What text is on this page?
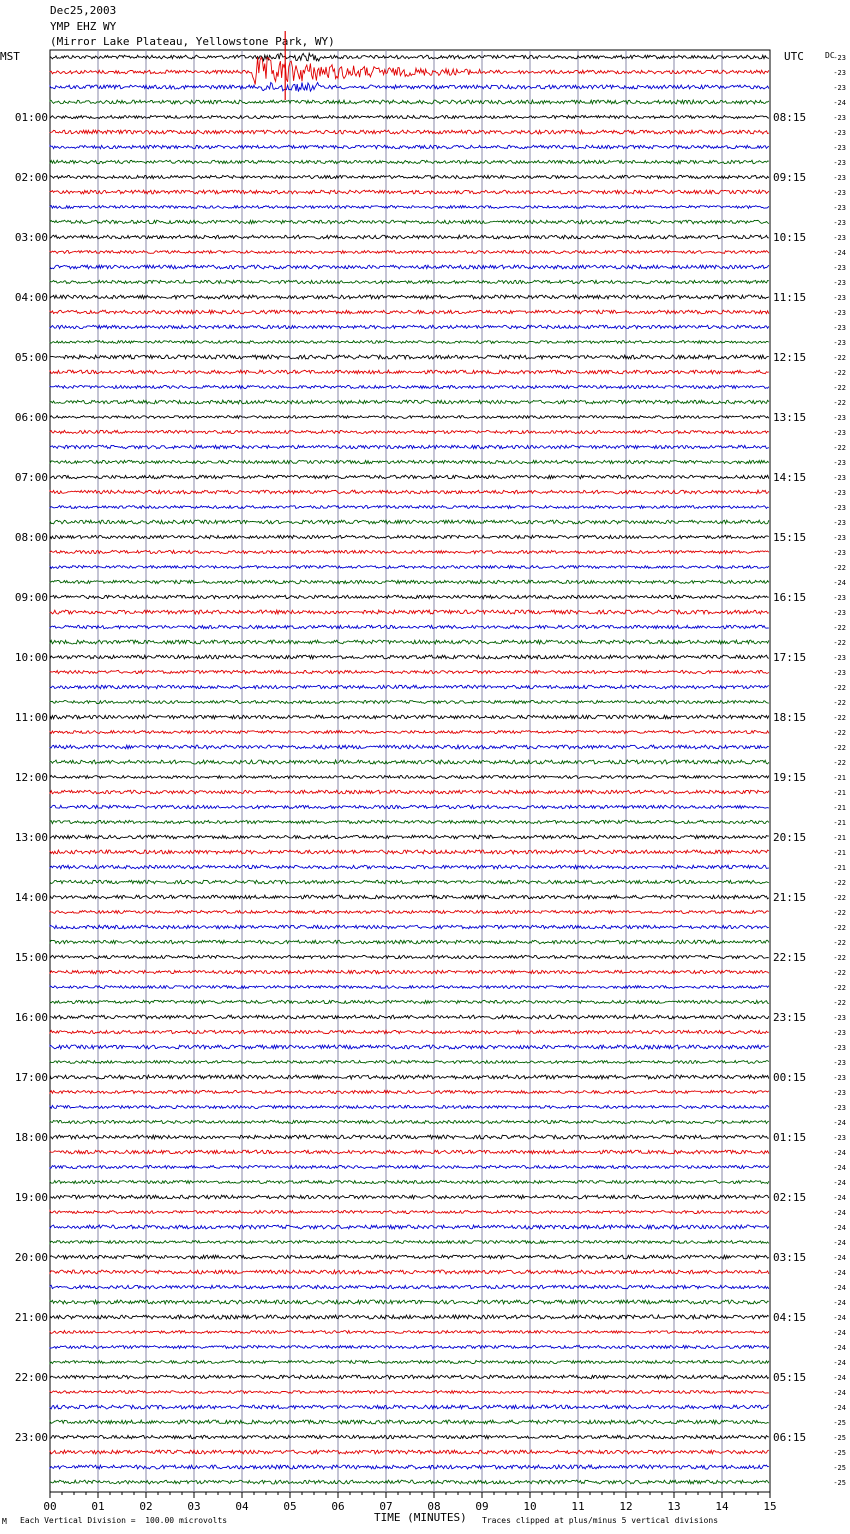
Dec25,2003
YMP EHZ WY
(Mirror Lake Plateau, Yellowstone Park, WY)
MST	UTC	DC
00	01	02	03	04	05	06	07	08	09	10	11	12	13	14	15
-23
-23
-23
-24
-23
-23
-23
-23
-23
-23
-23
-23
-23
-24
-23
-23
-23
-23
-23
-23
-22
-22
-22
-22
-23
-23
-22
-23
-23
-23
-23
-23
-23
-23
-22
-24
-23
-23
-22
-22
-23
-23
-22
-22
-22
-22
-22
-22
-21
-21
-21
-21
-21
-21
-21
-22
-22
-22
-22
-22
-22
-22
-22
-22
-23
-23
-23
-23
-23
-23
-23
-24
-23
-24
-24
-24
-24
-24
-24
-24
-24
-24
-24
-24
-24
-24
-24
-24
-24
-24
-24
-25
-25
-25
-25
-25
01:00	08:15
02:00	09:15
03:00	10:15
04:00	11:15
05:00	12:15
06:00	13:15
07:00	14:15
08:00	15:15
09:00	16:15
10:00	17:15
11:00	18:15
12:00	19:15
13:00	20:15
14:00	21:15
15:00	22:15
16:00	23:15
17:00	00:15
18:00	01:15
19:00	02:15
20:00	03:15
21:00	04:15
22:00	05:15
23:00	06:15
M Each Vertical Division =  100.00 microvolts	TIME (MINUTES) Traces clipped at plus/minus 5 vertical divisions
